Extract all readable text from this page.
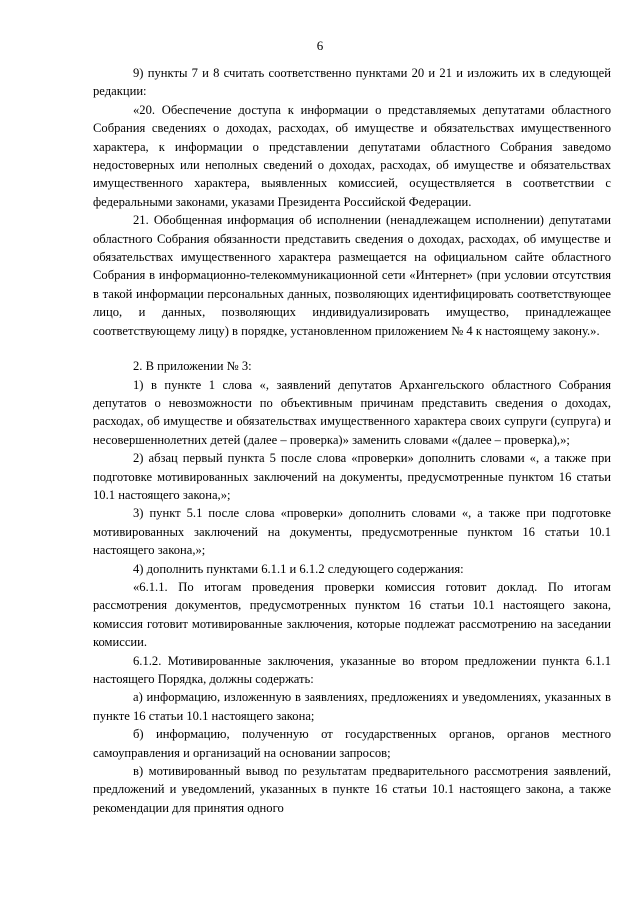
6

9) пункты 7 и 8 считать соответственно пунктами 20 и 21 и изложить их в следующей редакции:

«20. Обеспечение доступа к информации о представляемых депутатами областного Собрания сведениях о доходах, расходах, об имуществе и обязательствах имущественного характера, к информации о представлении депутатами областного Собрания заведомо недостоверных или неполных сведений о доходах, расходах, об имуществе и обязательствах имущественного характера, выявленных комиссией, осуществляется в соответствии с федеральными законами, указами Президента Российской Федерации.

21. Обобщенная информация об исполнении (ненадлежащем исполнении) депутатами областного Собрания обязанности представить сведения о доходах, расходах, об имуществе и обязательствах имущественного характера размещается на официальном сайте областного Собрания в информационно-телекоммуникационной сети «Интернет» (при условии отсутствия в такой информации персональных данных, позволяющих идентифицировать соответствующее лицо, и данных, позволяющих индивидуализировать имущество, принадлежащее соответствующему лицу) в порядке, установленном приложением № 4 к настоящему закону.».

2. В приложении № 3:

1) в пункте 1 слова «, заявлений депутатов Архангельского областного Собрания депутатов о невозможности по объективным причинам представить сведения о доходах, расходах, об имуществе и обязательствах имущественного характера своих супруги (супруга) и несовершеннолетних детей (далее – проверка)» заменить словами «(далее – проверка),»;

2) абзац первый пункта 5 после слова «проверки» дополнить словами «, а также при подготовке мотивированных заключений на документы, предусмотренные пунктом 16 статьи 10.1 настоящего закона,»;

3) пункт 5.1 после слова «проверки» дополнить словами «, а также при подготовке мотивированных заключений на документы, предусмотренные пунктом 16 статьи 10.1 настоящего закона,»;

4) дополнить пунктами 6.1.1 и 6.1.2 следующего содержания:

«6.1.1. По итогам проведения проверки комиссия готовит доклад. По итогам рассмотрения документов, предусмотренных пунктом 16 статьи 10.1 настоящего закона, комиссия готовит мотивированные заключения, которые подлежат рассмотрению на заседании комиссии.

6.1.2. Мотивированные заключения, указанные во втором предложении пункта 6.1.1 настоящего Порядка, должны содержать:

а) информацию, изложенную в заявлениях, предложениях и уведомлениях, указанных в пункте 16 статьи 10.1 настоящего закона;

б) информацию, полученную от государственных органов, органов местного самоуправления и организаций на основании запросов;

в) мотивированный вывод по результатам предварительного рассмотрения заявлений, предложений и уведомлений, указанных в пункте 16 статьи 10.1 настоящего закона, а также рекомендации для принятия одного
